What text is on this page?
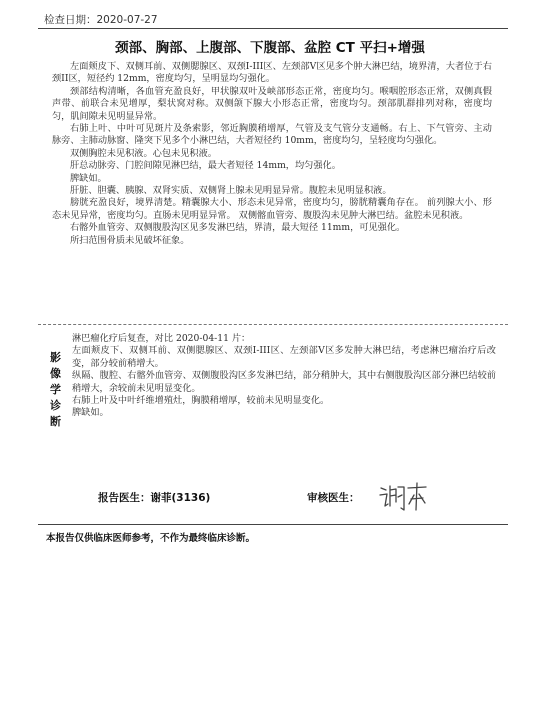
检查日期：2020-07-27
颈部、胸部、上腹部、下腹部、盆腔 CT 平扫+增强

左面颊皮下、双侧耳前、双侧腮腺区、双颈I-III区、左颈部V区见多个肿大淋巴结，境界清，大者位于右颈II区，短径约 12mm，密度均匀，呈明显均匀强化。

颈部结构清晰，各血管充盈良好，甲状腺双叶及峡部形态正常，密度均匀。喉咽腔形态正常，双侧真假声带、前联合未见增厚，梨状窝对称。双侧颌下腺大小形态正常，密度均匀。颈部肌群排列对称，密度均匀，肌间隙未见明显异常。

右肺上叶、中叶可见斑片及条索影，邻近胸膜稍增厚，气管及支气管分支通畅。右上、下气管旁、主动脉旁、主肺动脉窗、隆突下见多个小淋巴结，大者短径约 10mm，密度均匀，呈轻度均匀强化。

双侧胸腔未见积液。心包未见积液。

肝总动脉旁、门腔间隙见淋巴结，最大者短径 14mm，均匀强化。

脾缺如。

肝脏、胆囊、胰腺、双肾实质、双侧肾上腺未见明显异常。腹腔未见明显积液。

膀胱充盈良好，境界清楚。精囊腺大小、形态未见异常，密度均匀，膀胱精囊角存在。 前列腺大小、形态未见异常，密度均匀。直肠未见明显异常。 双侧髂血管旁、腹股沟未见肿大淋巴结。盆腔未见积液。

右髂外血管旁、双侧腹股沟区见多发淋巴结，界清，最大短径 11mm，可见强化。

所扫范围骨质未见破坏征象。

影
像
学
诊
断

淋巴瘤化疗后复查，对比 2020-04-11 片：

左面颊皮下、双侧耳前、双侧腮腺区、双颈I-III区、左颈部V区多发肿大淋巴结，考虑淋巴瘤治疗后改变，部分较前稍增大。

纵隔、腹腔、右髂外血管旁、双侧腹股沟区多发淋巴结，部分稍肿大，其中右侧腹股沟区部分淋巴结较前稍增大，余较前未见明显变化。

右肺上叶及中叶纤维增殖灶，胸膜稍增厚，较前未见明显变化。

脾缺如。

报告医生：谢菲(3136)	审核医生：
本报告仅供临床医师参考，不作为最终临床诊断。
